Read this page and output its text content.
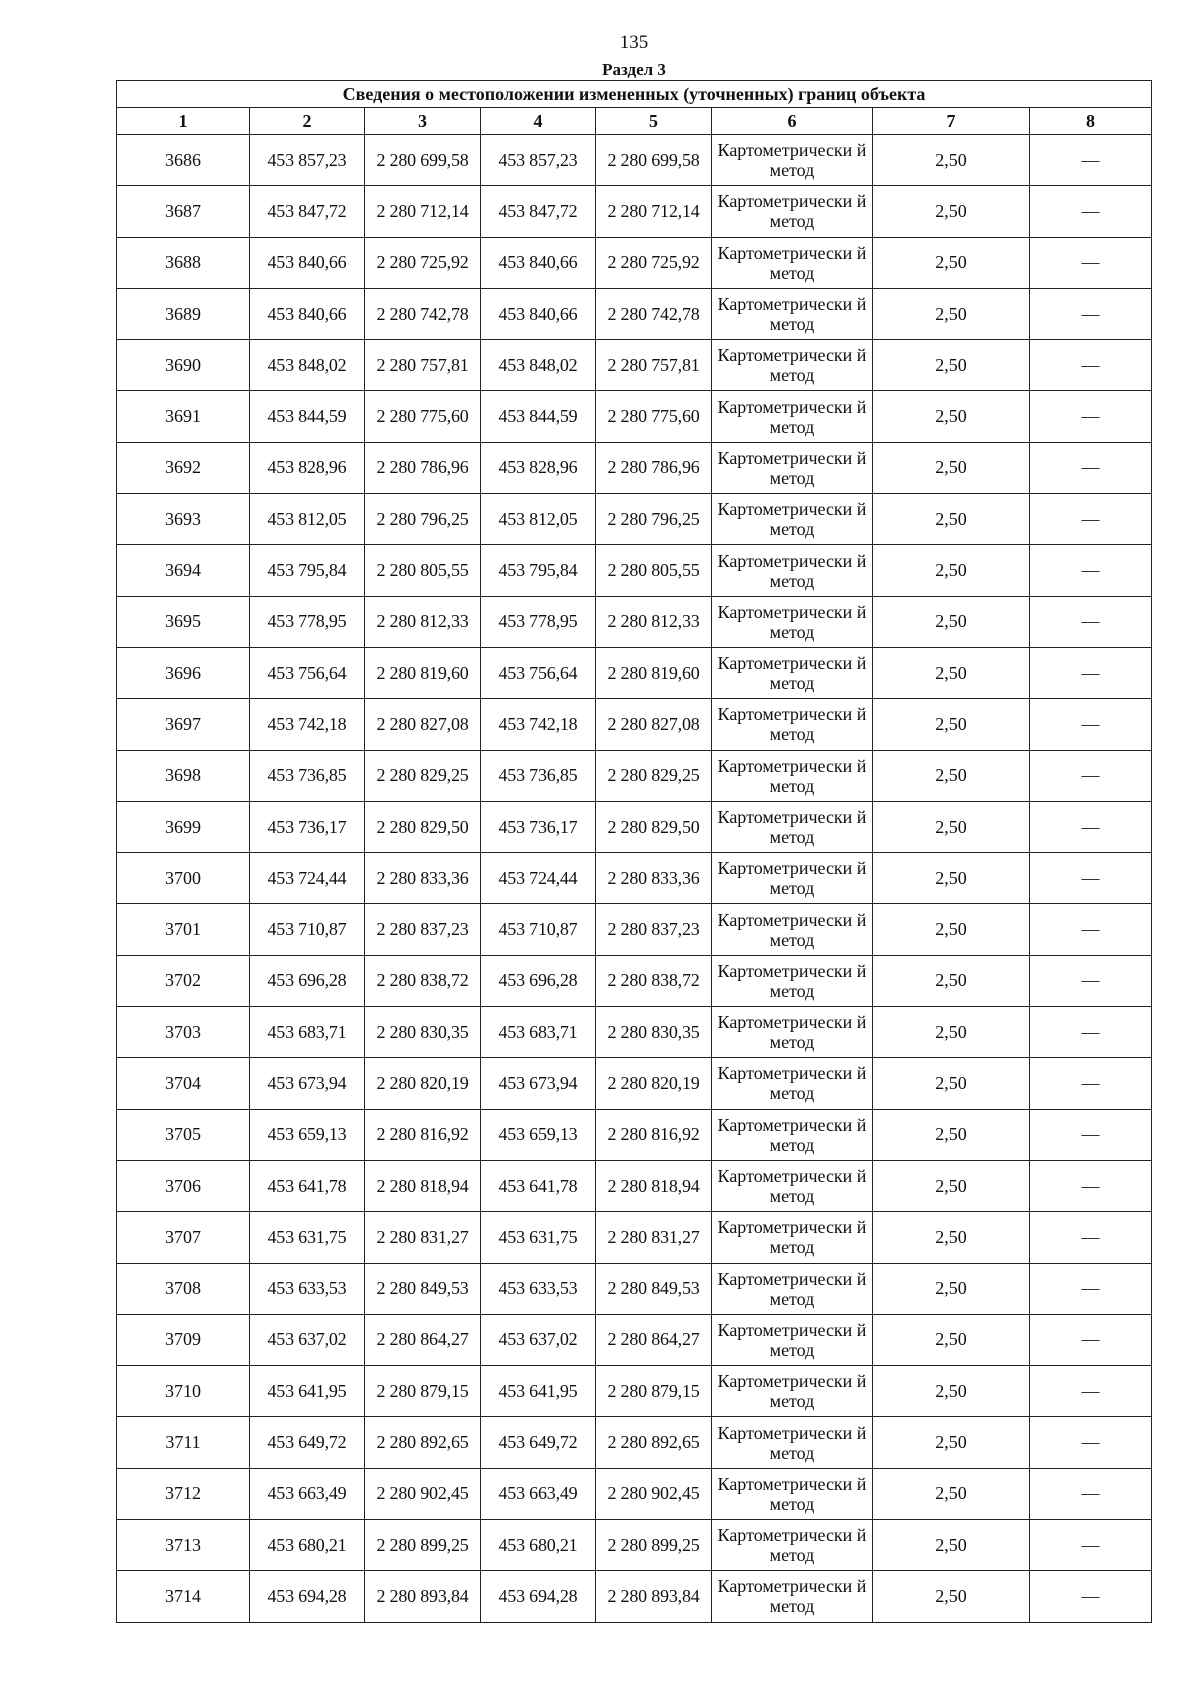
135
Раздел 3
Сведения о местоположении измененных (уточненных) границ объекта							
1	2	3	4	5	6	7	8
3686	453 857,23	2 280 699,58	453 857,23	2 280 699,58	Картометрически й метод	2,50	—
3687	453 847,72	2 280 712,14	453 847,72	2 280 712,14	Картометрически й метод	2,50	—
3688	453 840,66	2 280 725,92	453 840,66	2 280 725,92	Картометрически й метод	2,50	—
3689	453 840,66	2 280 742,78	453 840,66	2 280 742,78	Картометрически й метод	2,50	—
3690	453 848,02	2 280 757,81	453 848,02	2 280 757,81	Картометрически й метод	2,50	—
3691	453 844,59	2 280 775,60	453 844,59	2 280 775,60	Картометрически й метод	2,50	—
3692	453 828,96	2 280 786,96	453 828,96	2 280 786,96	Картометрически й метод	2,50	—
3693	453 812,05	2 280 796,25	453 812,05	2 280 796,25	Картометрически й метод	2,50	—
3694	453 795,84	2 280 805,55	453 795,84	2 280 805,55	Картометрически й метод	2,50	—
3695	453 778,95	2 280 812,33	453 778,95	2 280 812,33	Картометрически й метод	2,50	—
3696	453 756,64	2 280 819,60	453 756,64	2 280 819,60	Картометрически й метод	2,50	—
3697	453 742,18	2 280 827,08	453 742,18	2 280 827,08	Картометрически й метод	2,50	—
3698	453 736,85	2 280 829,25	453 736,85	2 280 829,25	Картометрически й метод	2,50	—
3699	453 736,17	2 280 829,50	453 736,17	2 280 829,50	Картометрически й метод	2,50	—
3700	453 724,44	2 280 833,36	453 724,44	2 280 833,36	Картометрически й метод	2,50	—
3701	453 710,87	2 280 837,23	453 710,87	2 280 837,23	Картометрически й метод	2,50	—
3702	453 696,28	2 280 838,72	453 696,28	2 280 838,72	Картометрически й метод	2,50	—
3703	453 683,71	2 280 830,35	453 683,71	2 280 830,35	Картометрически й метод	2,50	—
3704	453 673,94	2 280 820,19	453 673,94	2 280 820,19	Картометрически й метод	2,50	—
3705	453 659,13	2 280 816,92	453 659,13	2 280 816,92	Картометрически й метод	2,50	—
3706	453 641,78	2 280 818,94	453 641,78	2 280 818,94	Картометрически й метод	2,50	—
3707	453 631,75	2 280 831,27	453 631,75	2 280 831,27	Картометрически й метод	2,50	—
3708	453 633,53	2 280 849,53	453 633,53	2 280 849,53	Картометрически й метод	2,50	—
3709	453 637,02	2 280 864,27	453 637,02	2 280 864,27	Картометрически й метод	2,50	—
3710	453 641,95	2 280 879,15	453 641,95	2 280 879,15	Картометрически й метод	2,50	—
3711	453 649,72	2 280 892,65	453 649,72	2 280 892,65	Картометрически й метод	2,50	—
3712	453 663,49	2 280 902,45	453 663,49	2 280 902,45	Картометрически й метод	2,50	—
3713	453 680,21	2 280 899,25	453 680,21	2 280 899,25	Картометрически й метод	2,50	—
3714	453 694,28	2 280 893,84	453 694,28	2 280 893,84	Картометрически й метод	2,50	—
